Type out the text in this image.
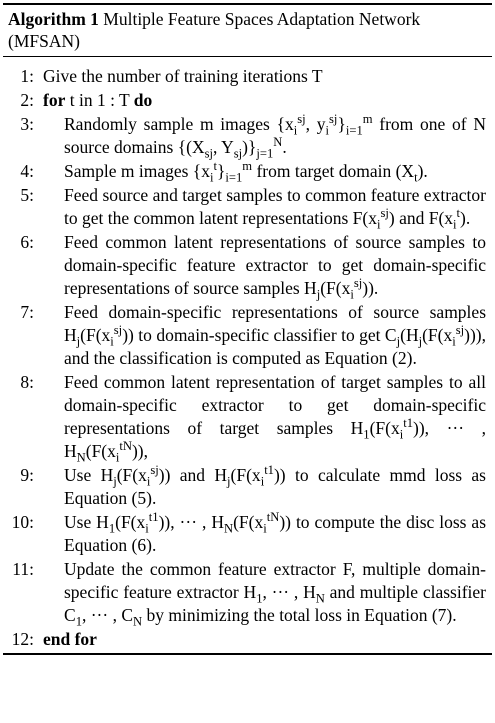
Algorithm 1 Multiple Feature Spaces Adaptation Network (MFSAN)
1: Give the number of training iterations T
2: for t in 1 : T do
3:	Randomly sample m images {$x_i^{sj}$, $y_i^{sj}\}_{i=1}^m$ from one of N source domains {($X_{sj}$, $Y_{sj})\}_{j=1}^N$.
4:	Sample m images $\{x_i^t\}_{i=1}^m$ from target domain $(X_t)$.
5:	Feed source and target samples to common feature extractor to get the common latent representations $F(x_i^{sj})$ and $F(x_i^t)$.
6:	Feed common latent representations of source samples to domain-specific feature extractor to get domain-specific representations of source samples $H_j(F(x_i^{sj}))$.
7:	Feed domain-specific representations of source samples $H_j(F(x_i^{sj}))$ to domain-specific classifier to get $C_j(H_j(F(x_i^{sj})))$, and the classification is computed as Equation (2).
8:	Feed common latent representation of target samples to all domain-specific extractor to get domain-specific representations of target samples $H_1(F(x_i^{t1}))$, ··· , $H_N(F(x_i^{tN}))$,
9:	Use $H_j(F(x_i^{sj}))$ and $H_j(F(x_i^{t1}))$ to calculate mmd loss as Equation (5).
10:	Use $H_1(F(x_i^{t1}))$, ··· , $H_N(F(x_i^{tN}))$ to compute the disc loss as Equation (6).
11:	Update the common feature extractor F, multiple domain-specific feature extractor $H_1$, ··· , $H_N$ and multiple classifier $C_1$, ··· , $C_N$ by minimizing the total loss in Equation (7).
12: end for
